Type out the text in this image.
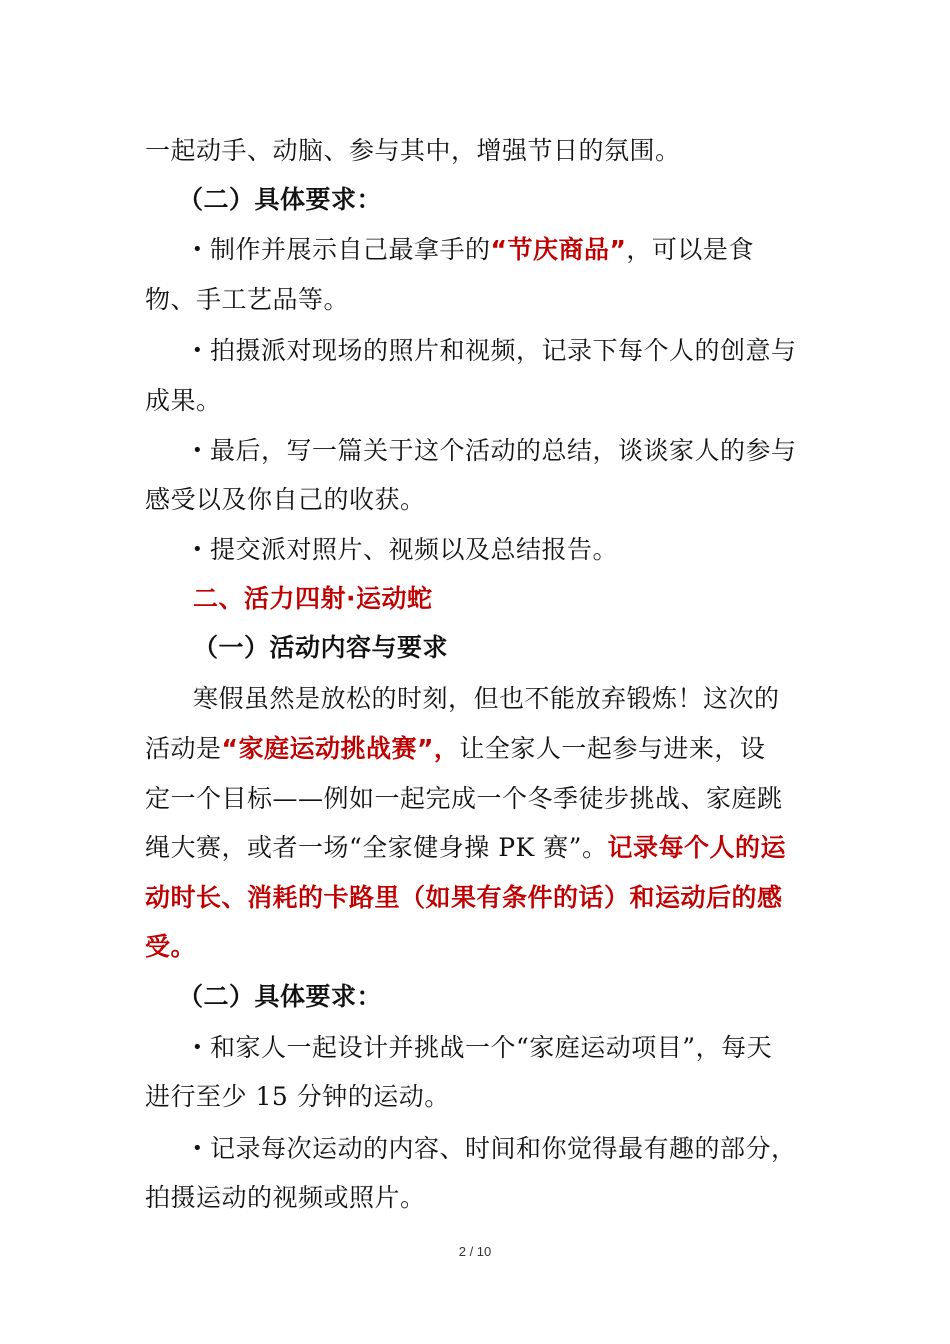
一起动手、动脑、参与其中，增强节日的氛围。
（二）具体要求：
• 制作并展示自己最拿手的“节庆商品”，可以是食
物、手工艺品等。
• 拍摄派对现场的照片和视频，记录下每个人的创意与
成果。
• 最后，写一篇关于这个活动的总结，谈谈家人的参与
感受以及你自己的收获。
• 提交派对照片、视频以及总结报告。
二、活力四射·运动蛇
（一）活动内容与要求
寒假虽然是放松的时刻，但也不能放弃锻炼！这次的
活动是“家庭运动挑战赛”，让全家人一起参与进来，设
定一个目标——例如一起完成一个冬季徒步挑战、家庭跳
绳大赛，或者一场“全家健身操 PK 赛”。记录每个人的运
动时长、消耗的卡路里（如果有条件的话）和运动后的感
受。
（二）具体要求：
• 和家人一起设计并挑战一个“家庭运动项目”，每天
进行至少 15 分钟的运动。
• 记录每次运动的内容、时间和你觉得最有趣的部分，
拍摄运动的视频或照片。
2 / 10
